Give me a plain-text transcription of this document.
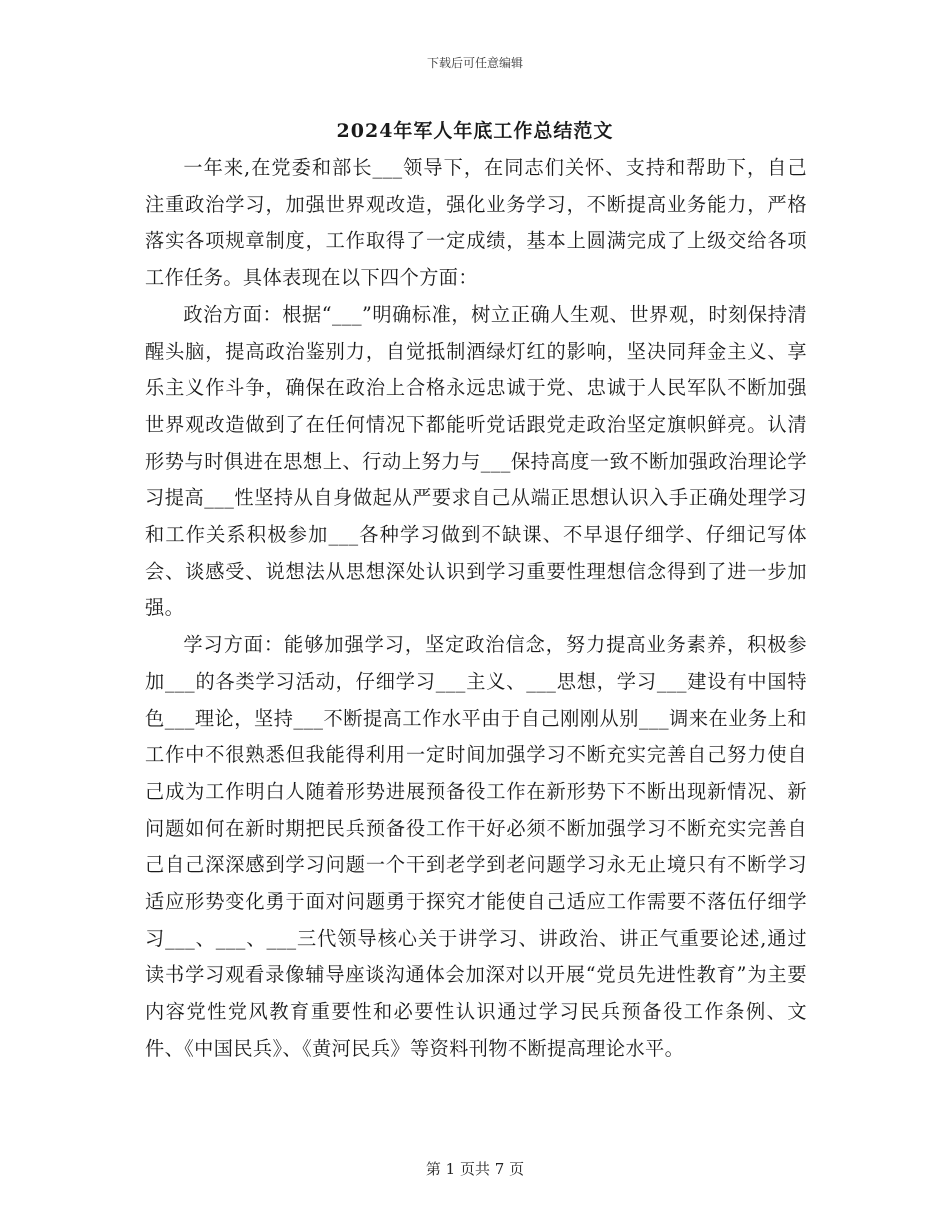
下载后可任意编辑
2024年军人年底工作总结范文

一年来,在党委和部长___领导下，在同志们关怀、支持和帮助下，自己注重政治学习，加强世界观改造，强化业务学习，不断提高业务能力，严格落实各项规章制度，工作取得了一定成绩，基本上圆满完成了上级交给各项工作任务。具体表现在以下四个方面：

政治方面：根据“___”明确标准，树立正确人生观、世界观，时刻保持清醒头脑，提高政治鉴别力，自觉抵制酒绿灯红的影响，坚决同拜金主义、享乐主义作斗争，确保在政治上合格永远忠诚于党、忠诚于人民军队不断加强世界观改造做到了在任何情况下都能听党话跟党走政治坚定旗帜鲜亮。认清形势与时俱进在思想上、行动上努力与___保持高度一致不断加强政治理论学习提高___性坚持从自身做起从严要求自己从端正思想认识入手正确处理学习和工作关系积极参加___各种学习做到不缺课、不早退仔细学、仔细记写体会、谈感受、说想法从思想深处认识到学习重要性理想信念得到了进一步加强。

学习方面：能够加强学习，坚定政治信念，努力提高业务素养，积极参加___的各类学习活动，仔细学习___主义、___思想，学习___建设有中国特色___理论，坚持___不断提高工作水平由于自己刚刚从别___调来在业务上和工作中不很熟悉但我能得利用一定时间加强学习不断充实完善自己努力使自己成为工作明白人随着形势进展预备役工作在新形势下不断出现新情况、新问题如何在新时期把民兵预备役工作干好必须不断加强学习不断充实完善自己自己深深感到学习问题一个干到老学到老问题学习永无止境只有不断学习适应形势变化勇于面对问题勇于探究才能使自己适应工作需要不落伍仔细学习___、___、___三代领导核心关于讲学习、讲政治、讲正气重要论述,通过读书学习观看录像辅导座谈沟通体会加深对以开展“党员先进性教育”为主要内容党性党风教育重要性和必要性认识通过学习民兵预备役工作条例、文件、《中国民兵》、《黄河民兵》等资料刊物不断提高理论水平。

第 1 页共 7 页
